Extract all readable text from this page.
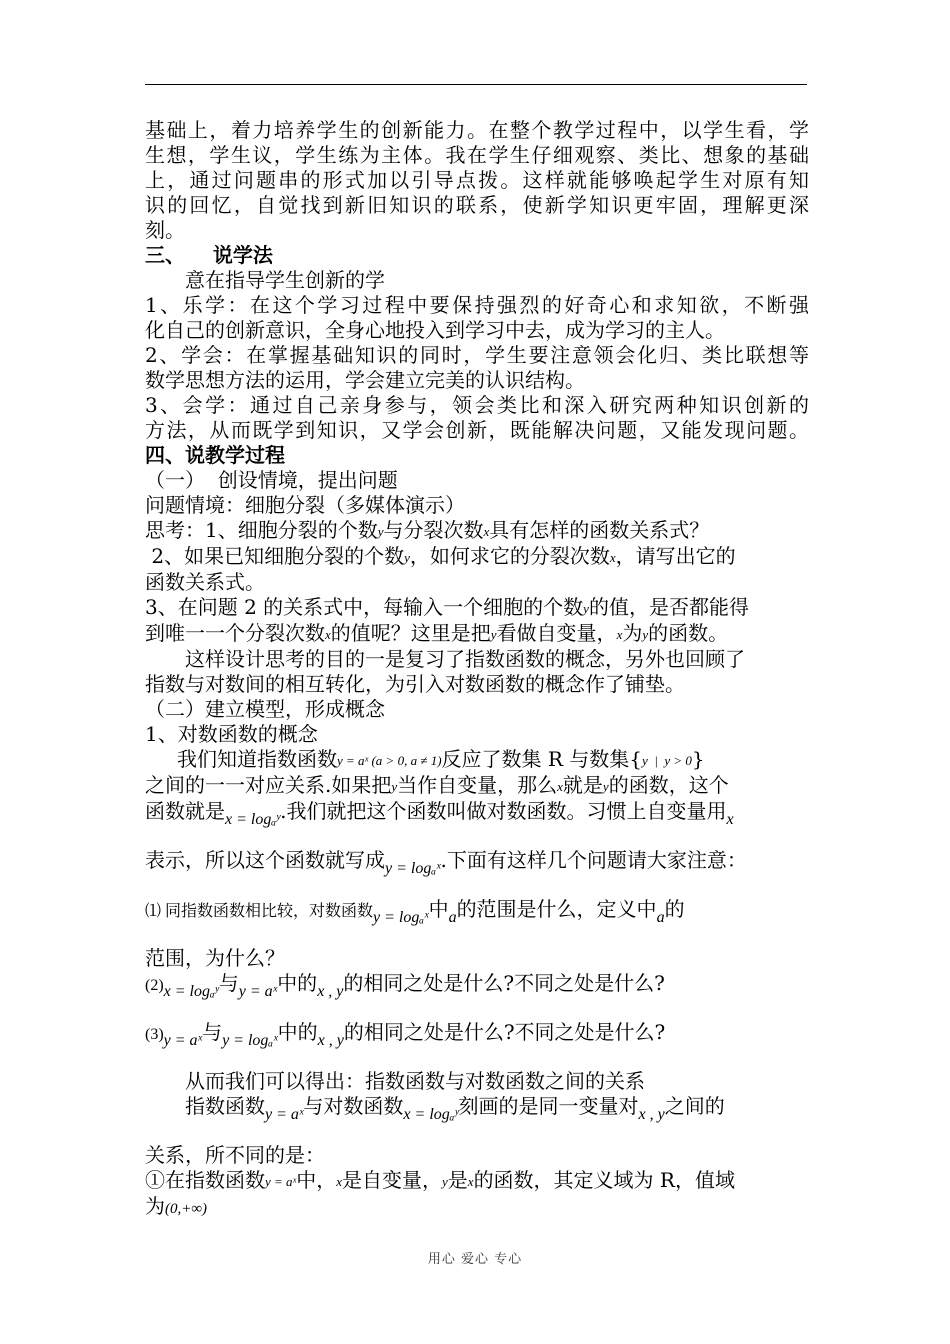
基础上，着力培养学生的创新能力。在整个教学过程中，以学生看，学

生想，学生议，学生练为主体。我在学生仔细观察、类比、想象的基础

上，通过问题串的形式加以引导点拨。这样就能够唤起学生对原有知

识的回忆，自觉找到新旧知识的联系，使新学知识更牢固，理解更深

刻。

三、    说学法

意在指导学生创新的学

1、乐学：在这个学习过程中要保持强烈的好奇心和求知欲，不断强

化自己的创新意识，全身心地投入到学习中去，成为学习的主人。

2、学会：在掌握基础知识的同时，学生要注意领会化归、类比联想等

数学思想方法的运用，学会建立完美的认识结构。

3、会学：通过自己亲身参与，领会类比和深入研究两种知识创新的

方法，从而既学到知识，又学会创新，既能解决问题，又能发现问题。

四、说教学过程

（一）  创设情境，提出问题

问题情境：细胞分裂（多媒体演示）

思考：1、细胞分裂的个数y与分裂次数x具有怎样的函数关系式？

2、如果已知细胞分裂的个数y，如何求它的分裂次数x，请写出它的

函数关系式。

3、在问题 2 的关系式中，每输入一个细胞的个数y的值，是否都能得

到唯一一个分裂次数x的值呢？这里是把y看做自变量，x为y的函数。

这样设计思考的目的一是复习了指数函数的概念，另外也回顾了

指数与对数间的相互转化，为引入对数函数的概念作了铺垫。

（二）建立模型，形成概念

1、对数函数的概念

我们知道指数函数y = aˣ (a > 0, a ≠ 1)反应了数集 R 与数集{y  |  y > 0}

之间的一一对应关系.如果把y当作自变量，那么x就是y的函数，这个

函数就是$_{x = log_aʸ}$.我们就把这个函数叫做对数函数。习惯上自变量用$_x$

表示，所以这个函数就写成$_{y = log_aˣ}$.下面有这样几个问题请大家注意：

⑴ 同指数函数相比较，对数函数$_{y = log_aˣ}$中$_a$的范围是什么，定义中$_a$的

范围，为什么？

$(2)_{x = log_aʸ}$与$_{y = aˣ}$中的$_{x , y}$的相同之处是什么?不同之处是什么?

$(3)_{y = aˣ}$与$_{y = log_aˣ}$中的$_{x , y}$的相同之处是什么?不同之处是什么?

从而我们可以得出：指数函数与对数函数之间的关系

指数函数$_{y = aˣ}$与对数函数$_{x = log_aʸ}$刻画的是同一变量对$_{x , y}$之间的

关系，所不同的是：

①在指数函数y = aˣ中，x是自变量，y是x的函数，其定义域为 R，值域

为(0,+∞)

用心 爱心 专心
